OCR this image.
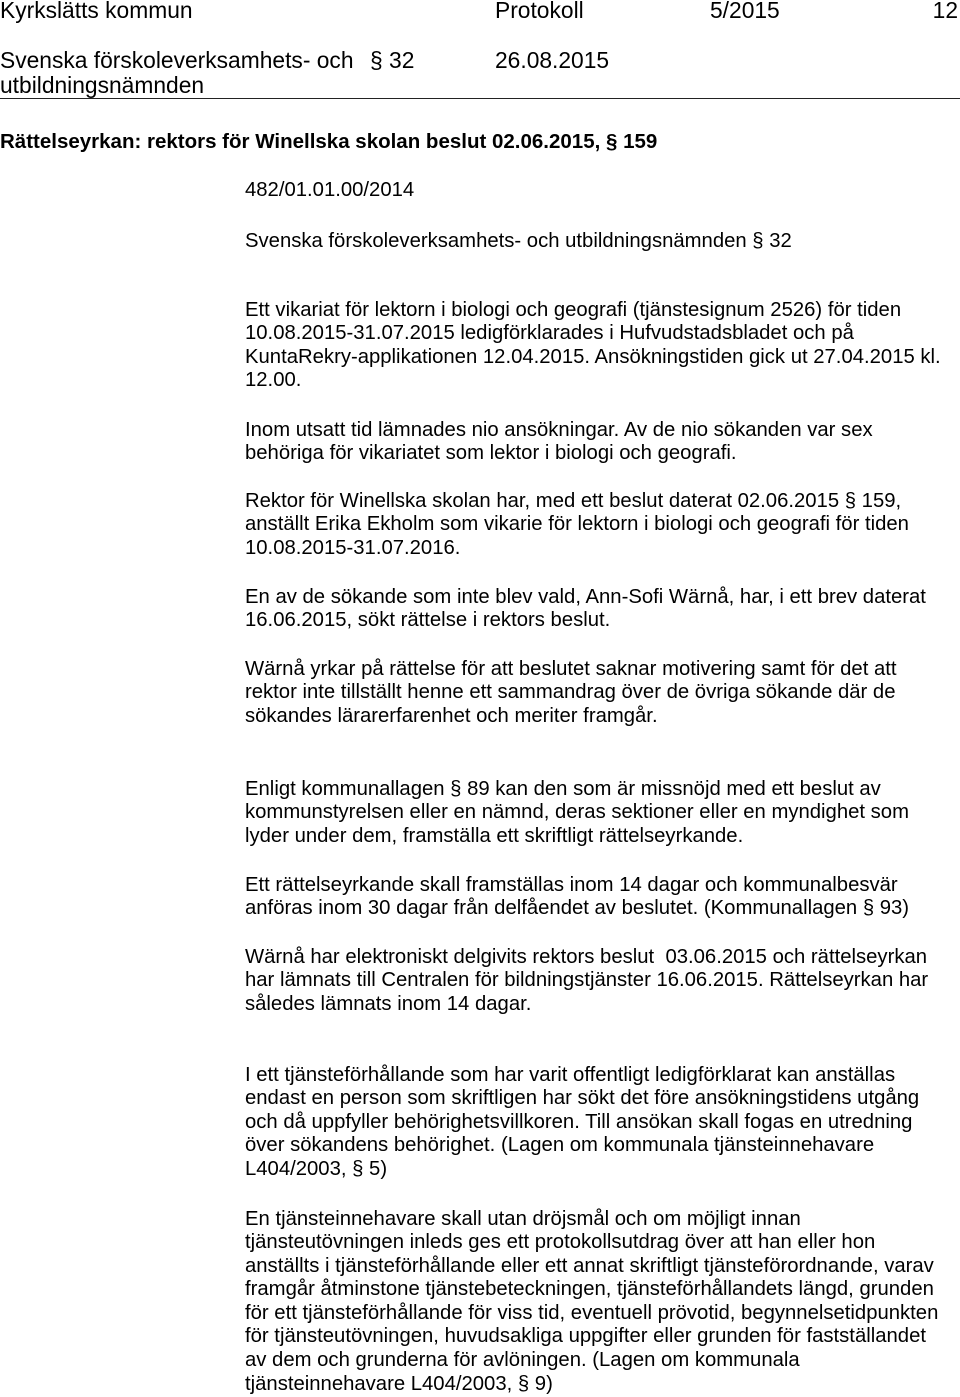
Kyrkslätts kommun	Protokoll	5/2015	12
Svenska förskoleverksamhets- och
utbildningsnämnden
§ 32	26.08.2015
Rättelseyrkan: rektors för Winellska skolan beslut 02.06.2015, § 159
482/01.01.00/2014
Svenska förskoleverksamhets- och utbildningsnämnden § 32
Ett vikariat för lektorn i biologi och geografi (tjänstesignum 2526) för tiden
10.08.2015-31.07.2015 ledigförklarades i Hufvudstadsbladet och på
KuntaRekry-applikationen 12.04.2015. Ansökningstiden gick ut 27.04.2015 kl.
12.00.
Inom utsatt tid lämnades nio ansökningar. Av de nio sökanden var sex
behöriga för vikariatet som lektor i biologi och geografi.
Rektor för Winellska skolan har, med ett beslut daterat 02.06.2015 § 159,
anställt Erika Ekholm som vikarie för lektorn i biologi och geografi för tiden
10.08.2015-31.07.2016.
En av de sökande som inte blev vald, Ann-Sofi Wärnå, har, i ett brev daterat
16.06.2015, sökt rättelse i rektors beslut.
Wärnå yrkar på rättelse för att beslutet saknar motivering samt för det att
rektor inte tillställt henne ett sammandrag över de övriga sökande där de
sökandes lärarerfarenhet och meriter framgår.
Enligt kommunallagen § 89 kan den som är missnöjd med ett beslut av
kommunstyrelsen eller en nämnd, deras sektioner eller en myndighet som
lyder under dem, framställa ett skriftligt rättelseyrkande.
Ett rättelseyrkande skall framställas inom 14 dagar och kommunalbesvär
anföras inom 30 dagar från delfåendet av beslutet. (Kommunallagen § 93)
Wärnå har elektroniskt delgivits rektors beslut  03.06.2015 och rättelseyrkan
har lämnats till Centralen för bildningstjänster 16.06.2015. Rättelseyrkan har
således lämnats inom 14 dagar.
I ett tjänsteförhållande som har varit offentligt ledigförklarat kan anställas
endast en person som skriftligen har sökt det före ansökningstidens utgång
och då uppfyller behörighetsvillkoren. Till ansökan skall fogas en utredning
över sökandens behörighet. (Lagen om kommunala tjänsteinnehavare
L404/2003, § 5)
En tjänsteinnehavare skall utan dröjsmål och om möjligt innan
tjänsteutövningen inleds ges ett protokollsutdrag över att han eller hon
anställts i tjänsteförhållande eller ett annat skriftligt tjänsteförordnande, varav
framgår åtminstone tjänstebeteckningen, tjänsteförhållandets längd, grunden
för ett tjänsteförhållande för viss tid, eventuell prövotid, begynnelsetidpunkten
för tjänsteutövningen, huvudsakliga uppgifter eller grunden för fastställandet
av dem och grunderna för avlöningen. (Lagen om kommunala
tjänsteinnehavare L404/2003, § 9)
